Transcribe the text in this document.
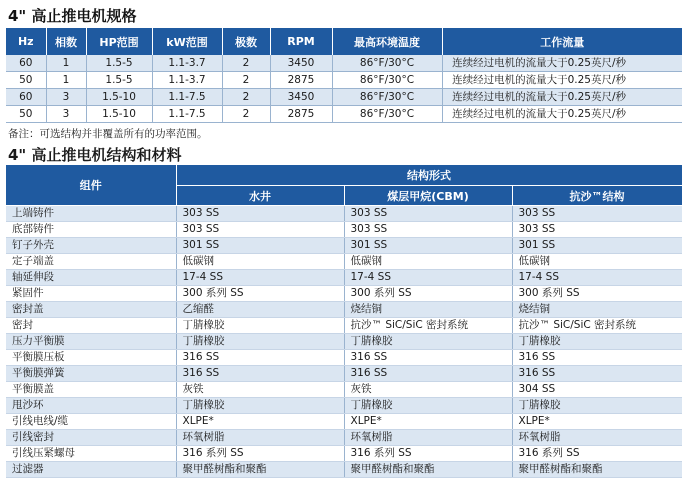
4" 高止推电机规格
Hz	相数	HP范围	kW范围	极数	RPM	最高环境温度	工作流量
60	1	1.5-5	1.1-3.7	2	3450	86°F/30°C	连续经过电机的流量大于0.25英尺/秒
50	1	1.5-5	1.1-3.7	2	2875	86°F/30°C	连续经过电机的流量大于0.25英尺/秒
60	3	1.5-10	1.1-7.5	2	3450	86°F/30°C	连续经过电机的流量大于0.25英尺/秒
50	3	1.5-10	1.1-7.5	2	2875	86°F/30°C	连续经过电机的流量大于0.25英尺/秒
备注：可选结构并非覆盖所有的功率范围。
4" 高止推电机结构和材料
组件	结构形式		
	水井	煤层甲烷(CBM)	抗沙™结构
上端铸件	303 SS	303 SS	303 SS
底部铸件	303 SS	303 SS	303 SS
钉子外壳	301 SS	301 SS	301 SS
定子端盖	低碳钢	低碳钢	低碳钢
轴延伸段	17-4 SS	17-4 SS	17-4 SS
紧固件	300 系列 SS	300 系列 SS	300 系列 SS
密封盖	乙缩醛	烧结铜	烧结铜
密封	丁腈橡胶	抗沙™ SiC/SiC 密封系统	抗沙™ SiC/SiC 密封系统
压力平衡膜	丁腈橡胶	丁腈橡胶	丁腈橡胶
平衡膜压板	316 SS	316 SS	316 SS
平衡膜弹簧	316 SS	316 SS	316 SS
平衡膜盖	灰铁	灰铁	304 SS
甩沙环	丁腈橡胶	丁腈橡胶	丁腈橡胶
引线电线/缆	XLPE*	XLPE*	XLPE*
引线密封	环氧树脂	环氧树脂	环氧树脂
引线压紧螺母	316 系列 SS	316 系列 SS	316 系列 SS
过滤器	聚甲醛树酯和聚酯	聚甲醛树酯和聚酯	聚甲醛树酯和聚酯
